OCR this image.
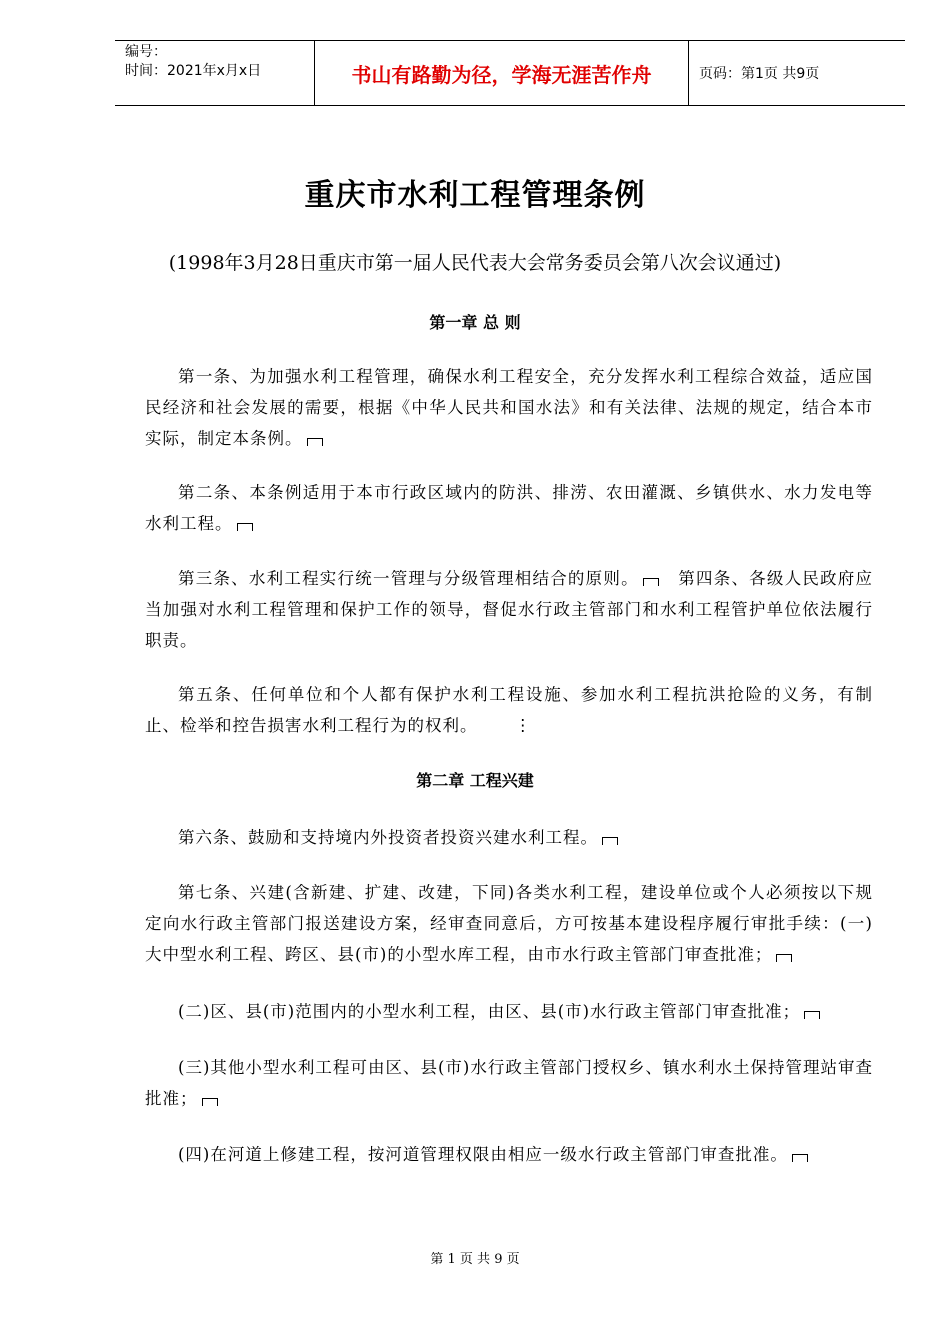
编号：
时间：2021年x月x日	书山有路勤为径，学海无涯苦作舟	页码：第1页 共9页
重庆市水利工程管理条例
(1998年3月28日重庆市第一届人民代表大会常务委员会第八次会议通过)
第一章 总 则
第一条、为加强水利工程管理，确保水利工程安全，充分发挥水利工程综合效益，适应国民经济和社会发展的需要，根据《中华人民共和国水法》和有关法律、法规的规定，结合本市实际，制定本条例。
第二条、本条例适用于本市行政区域内的防洪、排涝、农田灌溉、乡镇供水、水力发电等水利工程。
第三条、水利工程实行统一管理与分级管理相结合的原则。 第四条、各级人民政府应当加强对水利工程管理和保护工作的领导，督促水行政主管部门和水利工程管护单位依法履行职责。
第五条、任何单位和个人都有保护水利工程设施、参加水利工程抗洪抢险的义务，有制止、检举和控告损害水利工程行为的权利。 ⋮
第二章 工程兴建
第六条、鼓励和支持境内外投资者投资兴建水利工程。
第七条、兴建(含新建、扩建、改建，下同)各类水利工程，建设单位或个人必须按以下规定向水行政主管部门报送建设方案，经审查同意后，方可按基本建设程序履行审批手续：(一)大中型水利工程、跨区、县(市)的小型水库工程，由市水行政主管部门审查批准；
(二)区、县(市)范围内的小型水利工程，由区、县(市)水行政主管部门审查批准；
(三)其他小型水利工程可由区、县(市)水行政主管部门授权乡、镇水利水土保持管理站审查批准；
(四)在河道上修建工程，按河道管理权限由相应一级水行政主管部门审查批准。
第 1 页 共 9 页
